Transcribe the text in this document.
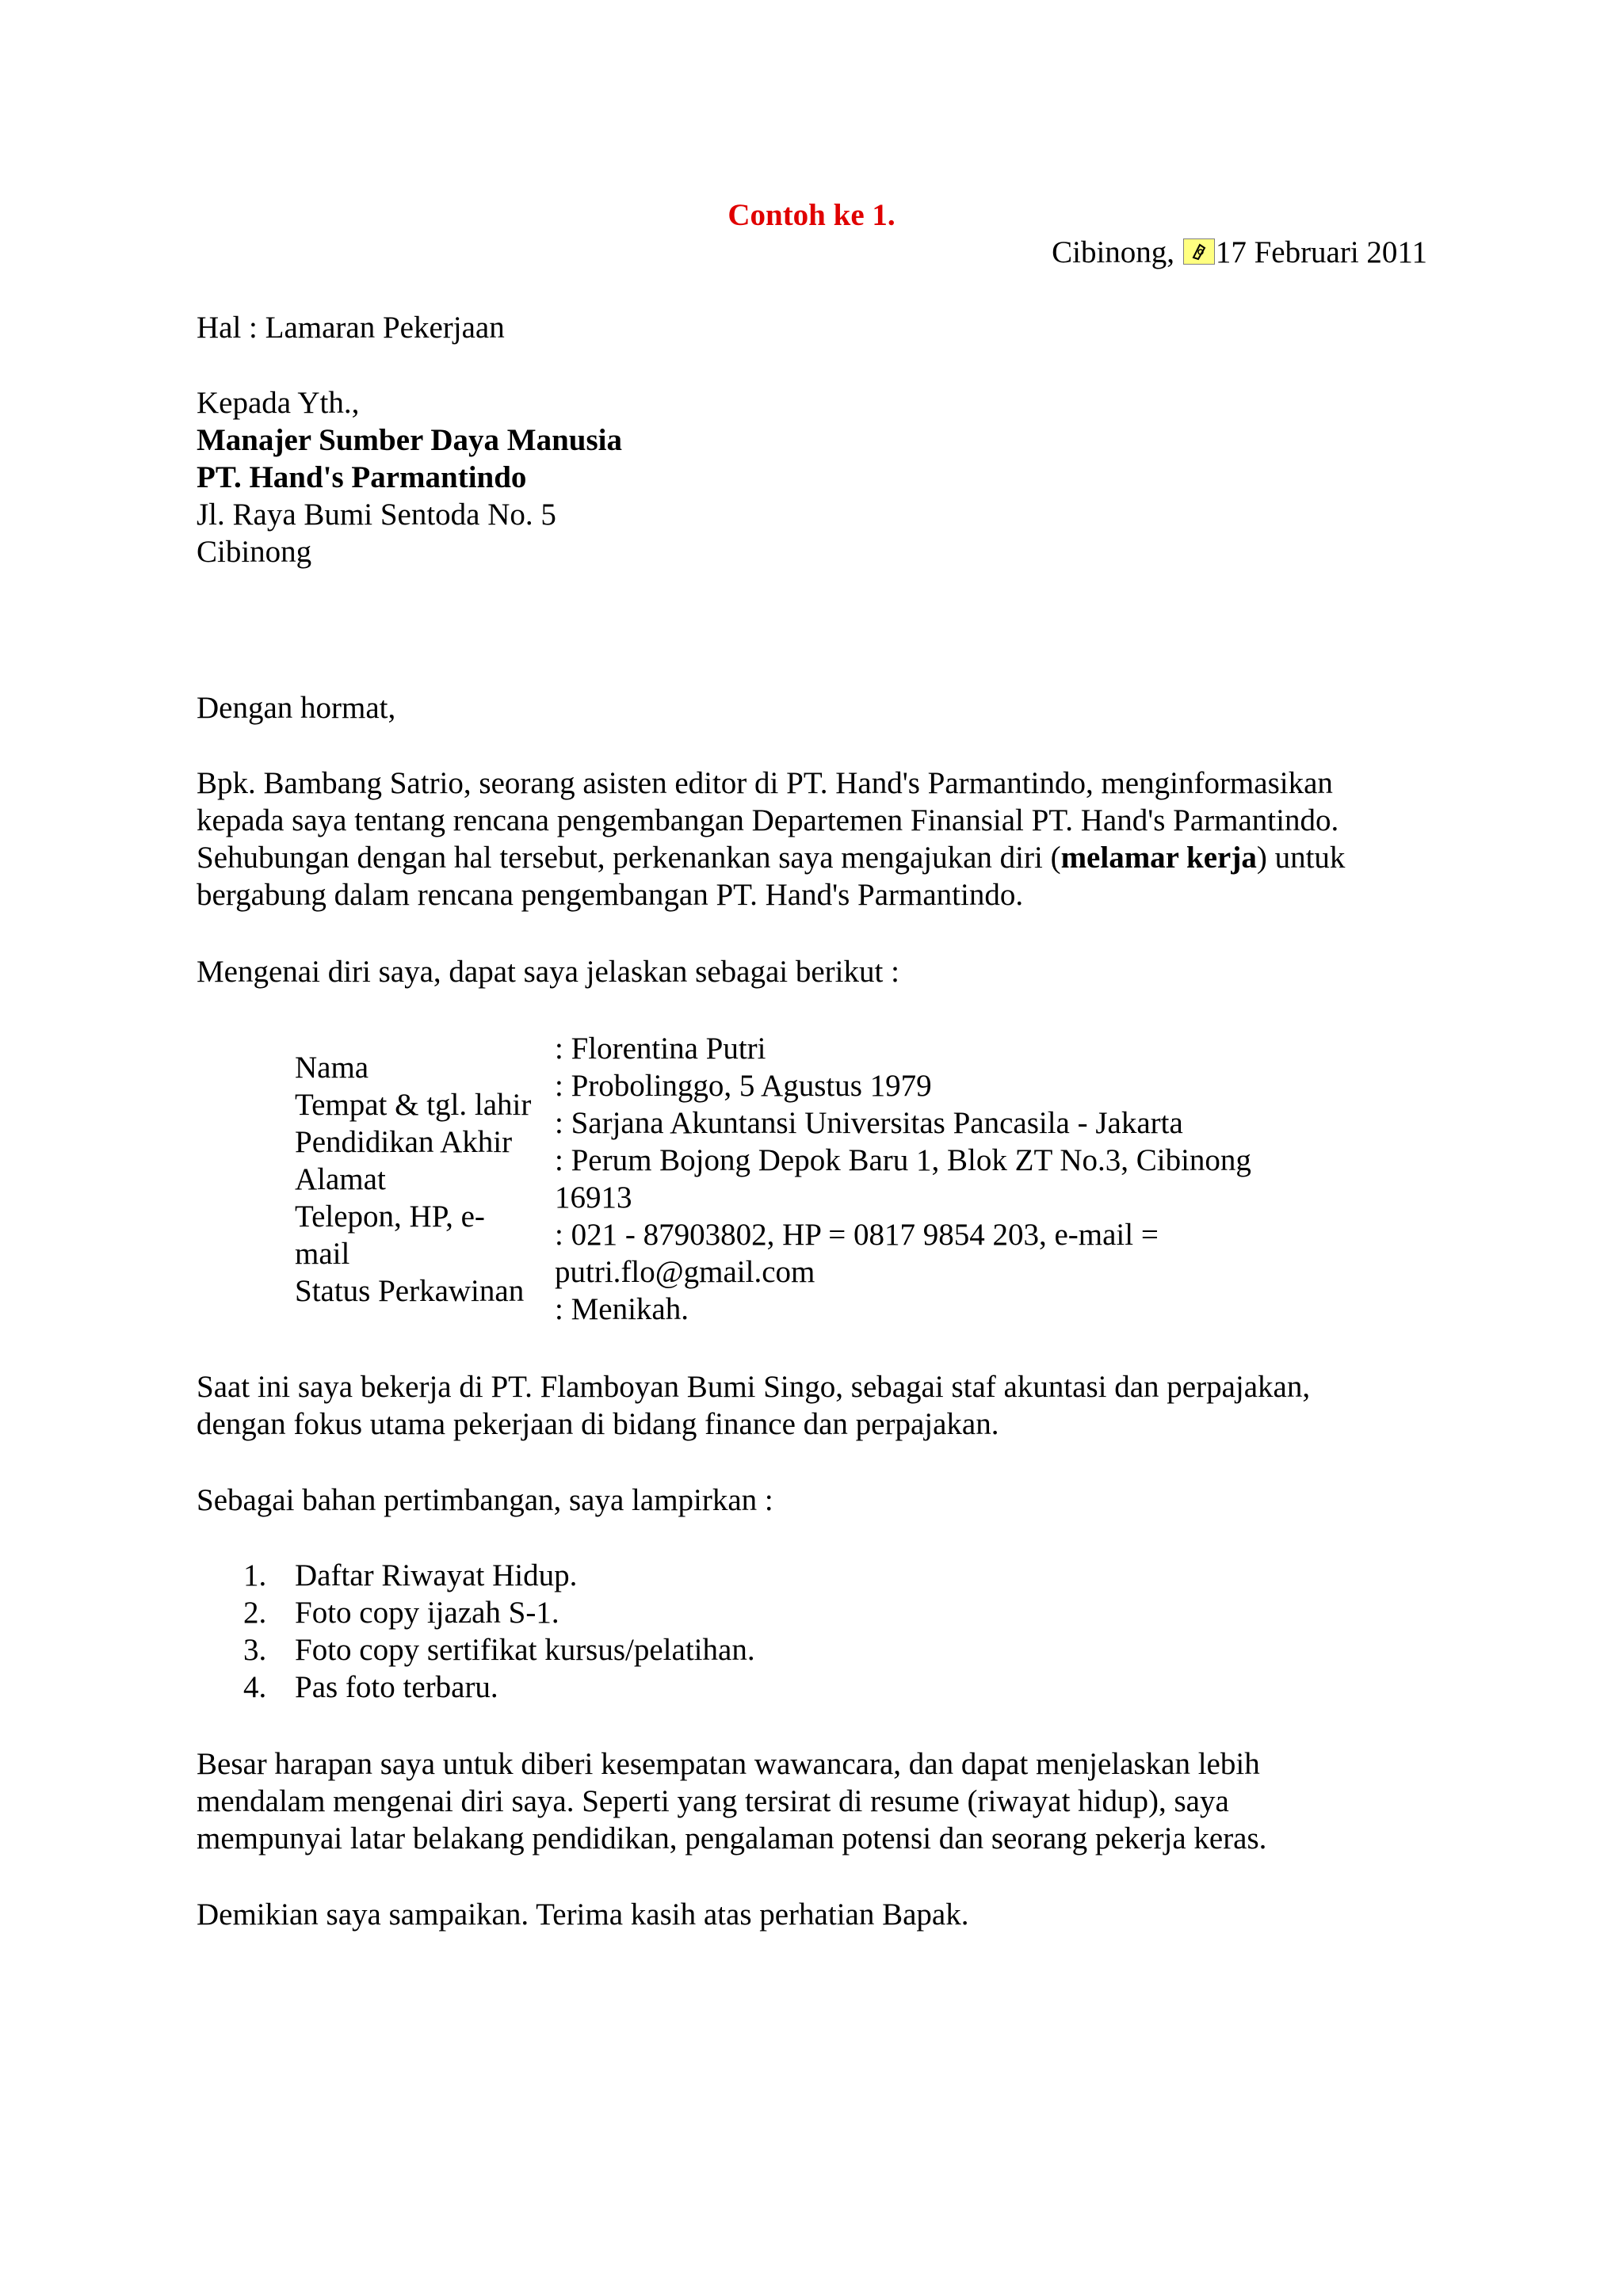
Contoh ke 1.
Cibinong, 17 Februari 2011
Hal : Lamaran Pekerjaan
Kepada Yth.,
Manajer Sumber Daya Manusia
PT. Hand's Parmantindo
Jl. Raya Bumi Sentoda No. 5
Cibinong
Dengan hormat,
Bpk. Bambang Satrio, seorang asisten editor di PT. Hand's Parmantindo, menginformasikan
kepada saya tentang rencana pengembangan Departemen Finansial PT. Hand's Parmantindo.
Sehubungan dengan hal tersebut, perkenankan saya mengajukan diri (melamar kerja) untuk
bergabung dalam rencana pengembangan PT. Hand's Parmantindo.
Mengenai diri saya, dapat saya jelaskan sebagai berikut :
Nama
Tempat & tgl. lahir
Pendidikan Akhir
Alamat
Telepon, HP, e-
mail
Status Perkawinan
: Florentina Putri
: Probolinggo, 5 Agustus 1979
: Sarjana Akuntansi Universitas Pancasila - Jakarta
: Perum Bojong Depok Baru 1, Blok ZT No.3, Cibinong
16913
: 021 - 87903802, HP = 0817 9854 203, e-mail =
putri.flo@gmail.com
: Menikah.
Saat ini saya bekerja di PT. Flamboyan Bumi Singo, sebagai staf akuntasi dan perpajakan,
dengan fokus utama pekerjaan di bidang finance dan perpajakan.
Sebagai bahan pertimbangan, saya lampirkan :
1. Daftar Riwayat Hidup.
2. Foto copy ijazah S-1.
3. Foto copy sertifikat kursus/pelatihan.
4. Pas foto terbaru.
Besar harapan saya untuk diberi kesempatan wawancara, dan dapat menjelaskan lebih
mendalam mengenai diri saya. Seperti yang tersirat di resume (riwayat hidup), saya
mempunyai latar belakang pendidikan, pengalaman potensi dan seorang pekerja keras.
Demikian saya sampaikan. Terima kasih atas perhatian Bapak.
